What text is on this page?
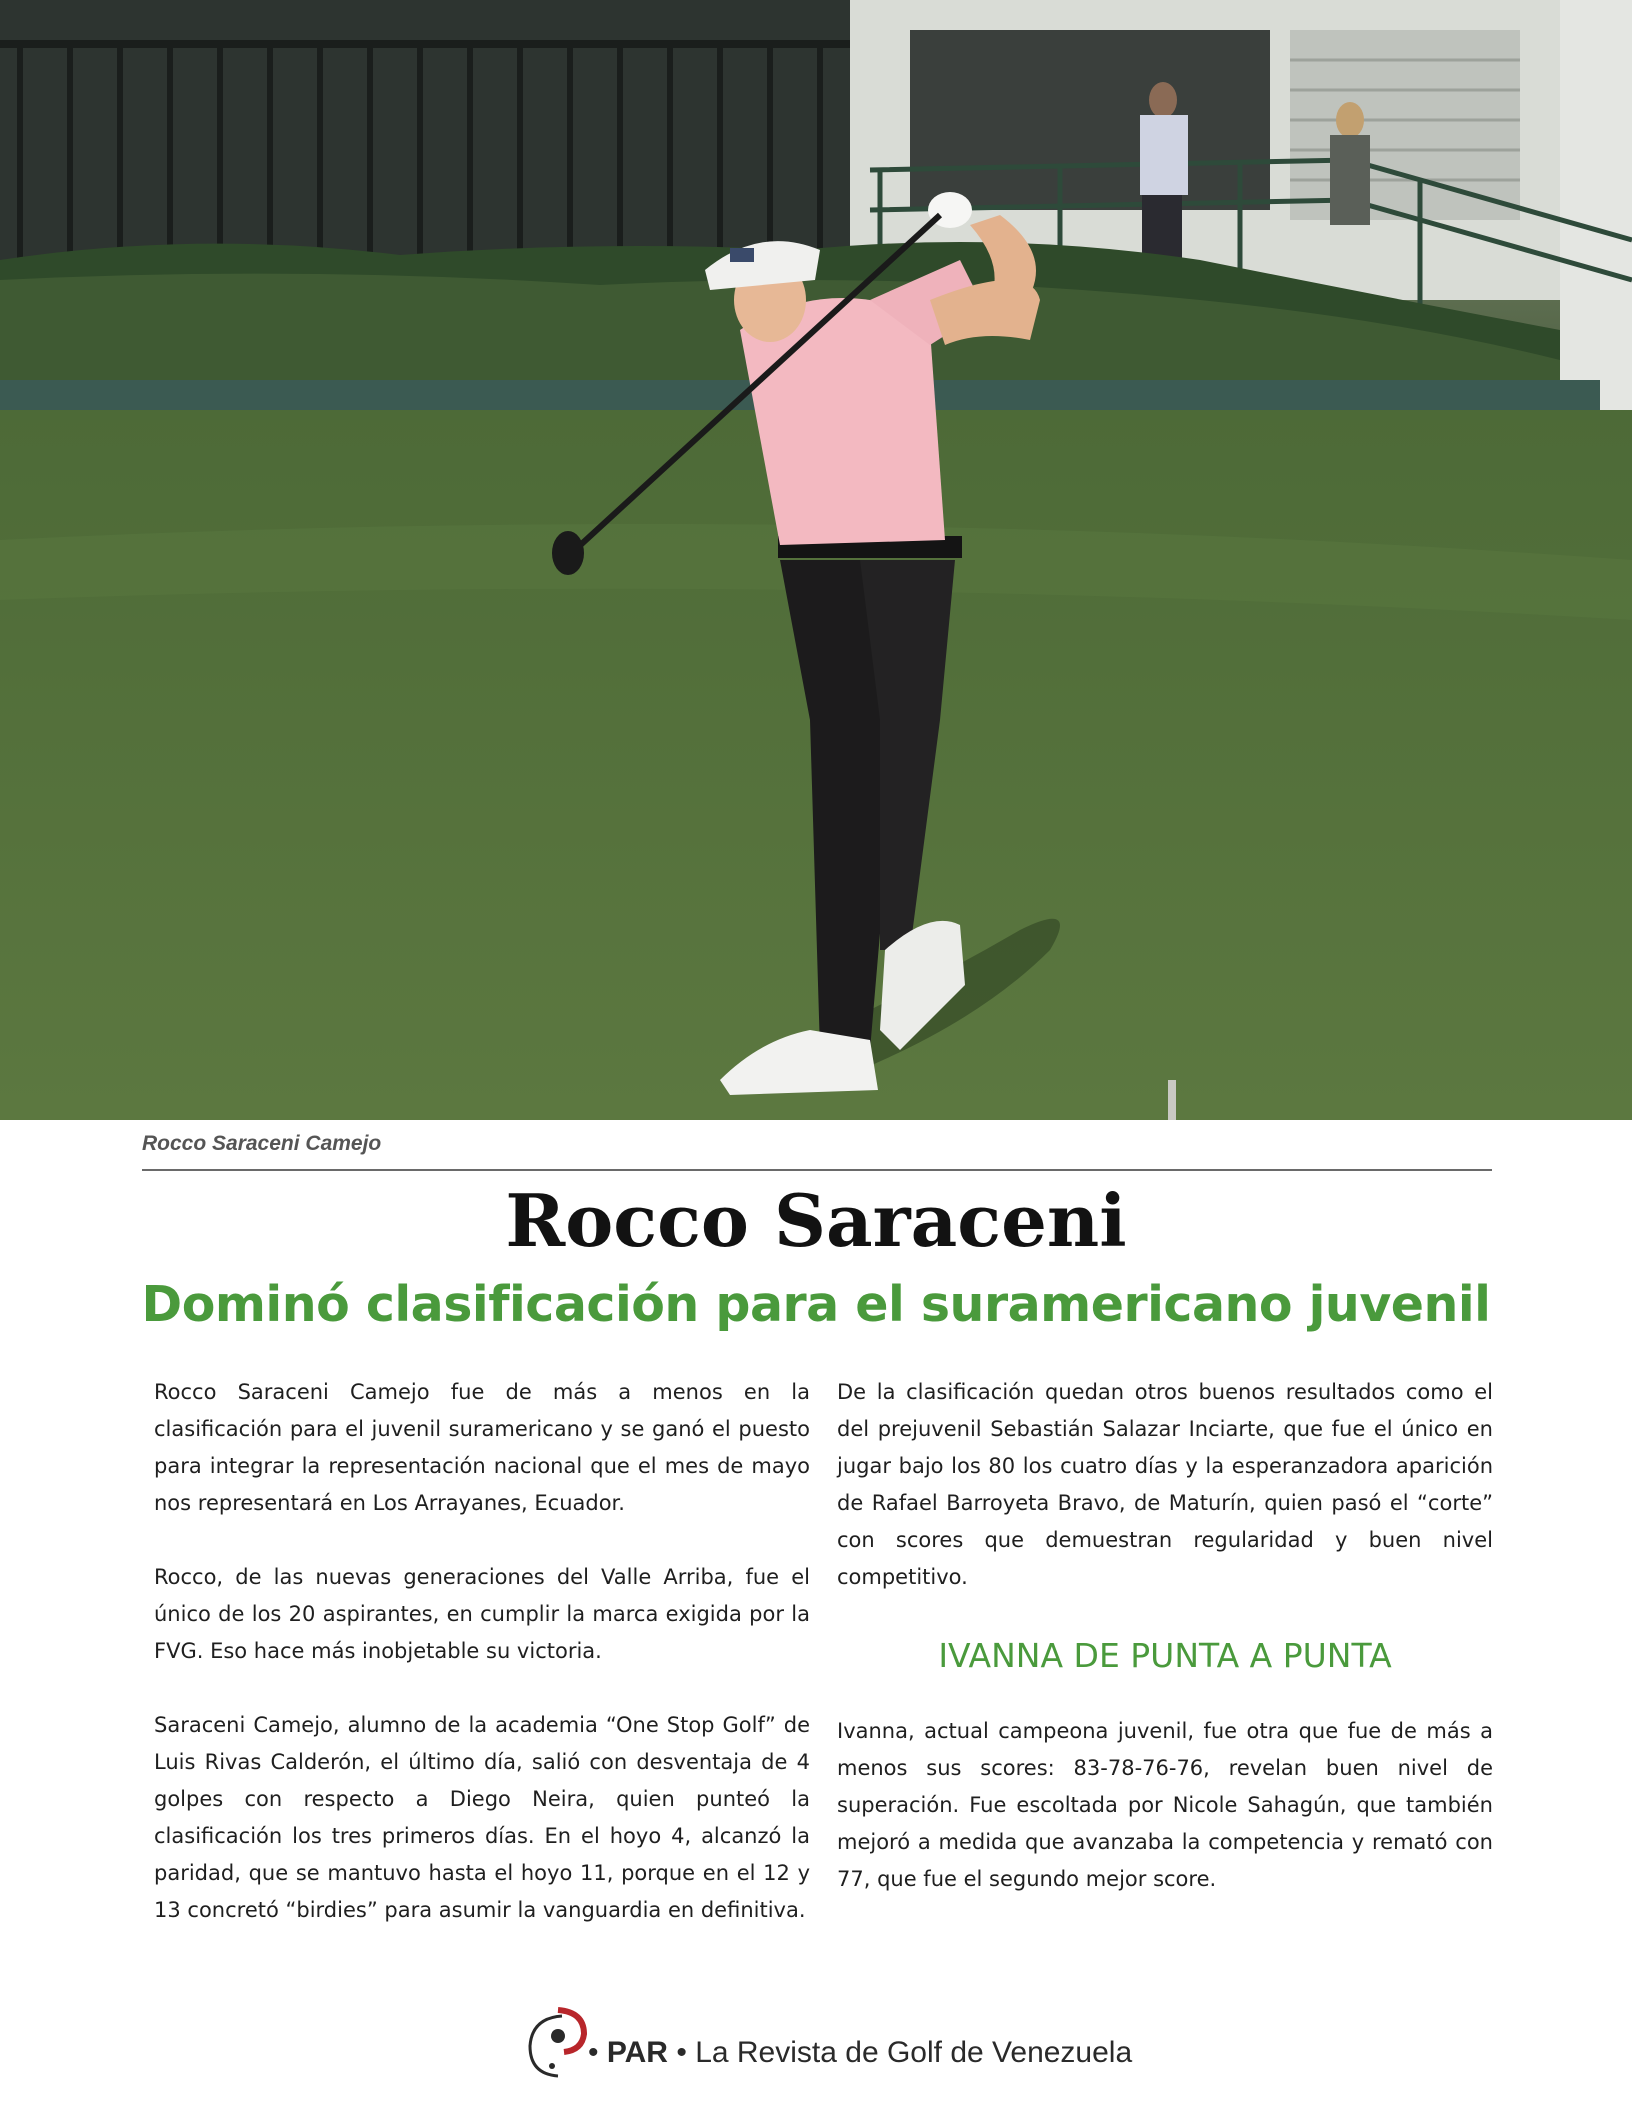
Rocco Saraceni Camejo
Rocco Saraceni
Dominó clasificación para el suramericano juvenil

Rocco Saraceni Camejo fue de más a menos en la clasificación para el juvenil suramericano y se ganó el puesto para integrar la representación nacional que el mes de mayo nos representará en Los Arrayanes, Ecuador.

Rocco, de las nuevas generaciones del Valle Arriba, fue el único de los 20 aspirantes, en cumplir la marca exigida por la FVG. Eso hace más inobjetable su victoria.

Saraceni Camejo, alumno de la academia “One Stop Golf” de Luis Rivas Calderón, el último día, salió con desventaja de 4 golpes con respecto a Diego Neira, quien punteó la clasificación los tres primeros días. En el hoyo 4, alcanzó la paridad, que se mantuvo hasta el hoyo 11, porque en el 12 y 13 concretó “birdies” para asumir la vanguardia en definitiva.

De la clasificación quedan otros buenos resultados como el del prejuvenil Sebastián Salazar Inciarte, que fue el único en jugar bajo los 80 los cuatro días y la esperanzadora aparición de Rafael Barroyeta Bravo, de Maturín, quien pasó el “corte” con scores que demuestran regularidad y buen nivel competitivo.

IVANNA DE PUNTA A PUNTA

Ivanna, actual campeona juvenil, fue otra que fue de más a menos sus scores: 83-78-76-76, revelan buen nivel de superación. Fue escoltada por Nicole Sahagún, que también mejoró a medida que avanzaba la competencia y remató con 77, que fue el segundo mejor score.

• PAR • La Revista de Golf de Venezuela
